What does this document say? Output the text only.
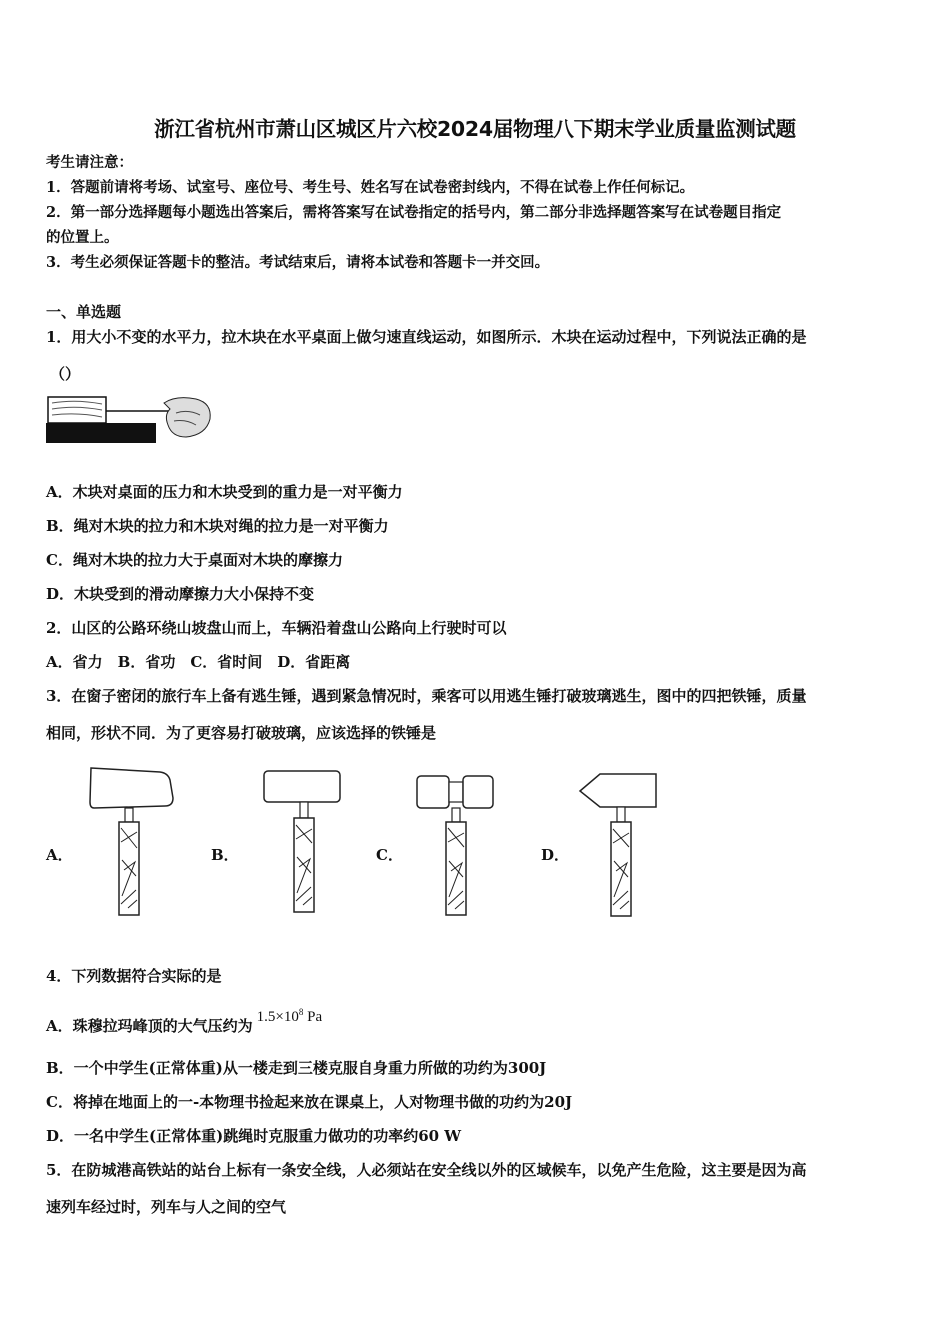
浙江省杭州市萧山区城区片六校2024届物理八下期末学业质量监测试题
考生请注意：
1．答题前请将考场、试室号、座位号、考生号、姓名写在试卷密封线内，不得在试卷上作任何标记。
2．第一部分选择题每小题选出答案后，需将答案写在试卷指定的括号内，第二部分非选择题答案写在试卷题目指定
的位置上。
3．考生必须保证答题卡的整洁。考试结束后，请将本试卷和答题卡一并交回。
一、单选题
1．用大小不变的水平力，拉木块在水平桌面上做匀速直线运动，如图所示．木块在运动过程中，下列说法正确的是
（）
A．木块对桌面的压力和木块受到的重力是一对平衡力
B．绳对木块的拉力和木块对绳的拉力是一对平衡力
C．绳对木块的拉力大于桌面对木块的摩擦力
D．木块受到的滑动摩擦力大小保持不变
2．山区的公路环绕山坡盘山而上，车辆沿着盘山公路向上行驶时可以
A．省力　B．省功　C．省时间　D．省距离
3．在窗子密闭的旅行车上备有逃生锤，遇到紧急情况时，乘客可以用逃生锤打破玻璃逃生，图中的四把铁锤，质量
相同，形状不同．为了更容易打破玻璃，应该选择的铁锤是
A．	B．	C．	D．
4．下列数据符合实际的是
A．珠穆拉玛峰顶的大气压约为 $1.5\times 10^8$ Pa
B．一个中学生(正常体重)从一楼走到三楼克服自身重力所做的功约为300J
C．将掉在地面上的一-本物理书捡起来放在课桌上，人对物理书做的功约为20J
D．一名中学生(正常体重)跳绳时克服重力做功的功率约60 W
5．在防城港高铁站的站台上标有一条安全线，人必须站在安全线以外的区域候车，以免产生危险，这主要是因为高
速列车经过时，列车与人之间的空气
